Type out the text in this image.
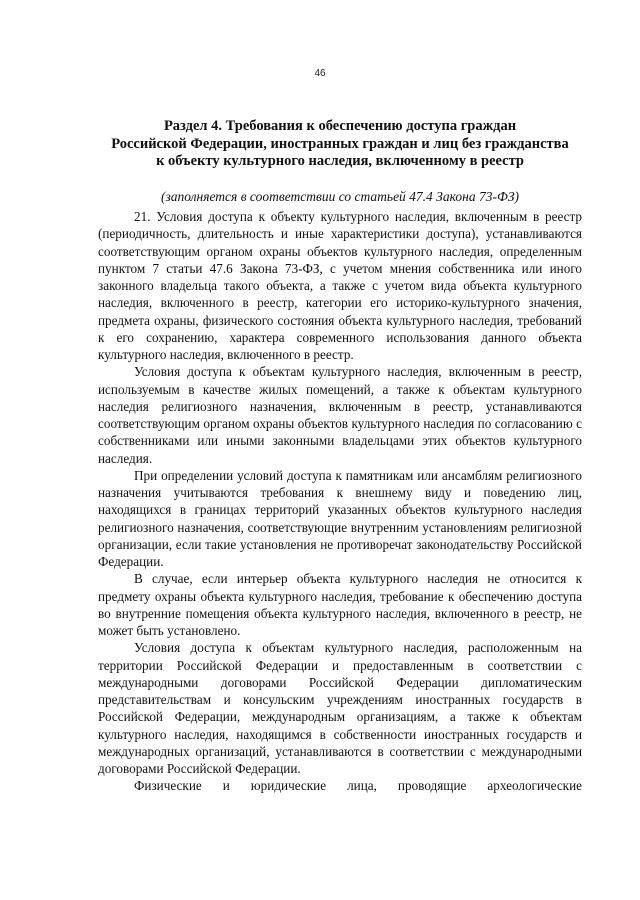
46
Раздел 4. Требования к обеспечению доступа граждан
Российской Федерации, иностранных граждан и лиц без гражданства
к объекту культурного наследия, включенному в реестр
(заполняется в соответствии со статьей 47.4 Закона 73-ФЗ)

21. Условия доступа к объекту культурного наследия, включенным в реестр (периодичность, длительность и иные характеристики доступа), устанавливаются соответствующим органом охраны объектов культурного наследия, определенным пунктом 7 статьи 47.6 Закона 73-ФЗ, с учетом мнения собственника или иного законного владельца такого объекта, а также с учетом вида объекта культурного наследия, включенного в реестр, категории его историко-культурного значения, предмета охраны, физического состояния объекта культурного наследия, требований к его сохранению, характера современного использования данного объекта культурного наследия, включенного в реестр.

Условия доступа к объектам культурного наследия, включенным в реестр, используемым в качестве жилых помещений, а также к объектам культурного наследия религиозного назначения, включенным в реестр, устанавливаются соответствующим органом охраны объектов культурного наследия по согласованию с собственниками или иными законными владельцами этих объектов культурного наследия.

При определении условий доступа к памятникам или ансамблям религиозного назначения учитываются требования к внешнему виду и поведению лиц, находящихся в границах территорий указанных объектов культурного наследия религиозного назначения, соответствующие внутренним установлениям религиозной организации, если такие установления не противоречат законодательству Российской Федерации.

В случае, если интерьер объекта культурного наследия не относится к предмету охраны объекта культурного наследия, требование к обеспечению доступа во внутренние помещения объекта культурного наследия, включенного в реестр, не может быть установлено.

Условия доступа к объектам культурного наследия, расположенным на территории Российской Федерации и предоставленным в соответствии с международными договорами Российской Федерации дипломатическим представительствам и консульским учреждениям иностранных государств в Российской Федерации, международным организациям, а также к объектам культурного наследия, находящимся в собственности иностранных государств и международных организаций, устанавливаются в соответствии с международными договорами Российской Федерации.

Физические и юридические лица, проводящие археологические
